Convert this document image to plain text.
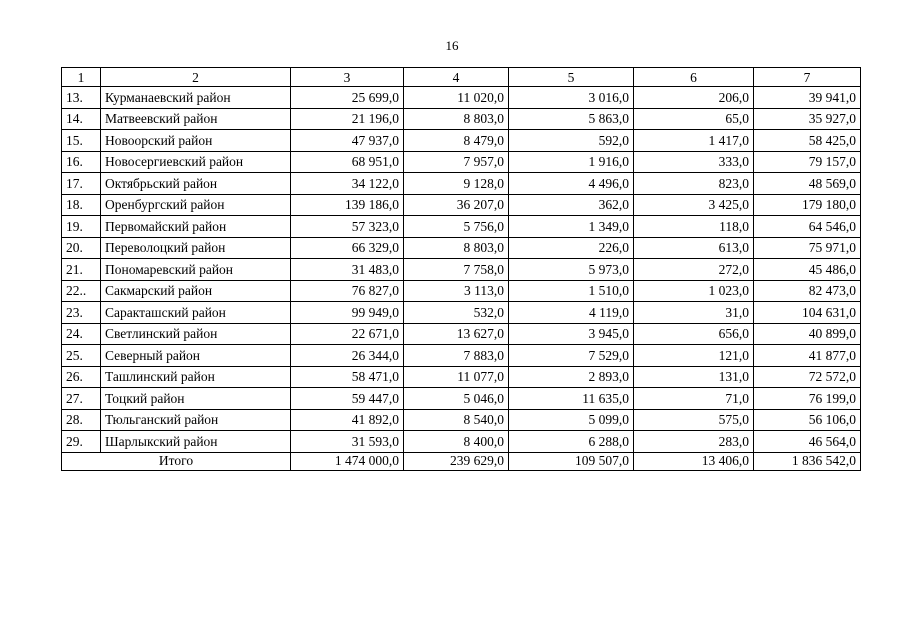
16
1	2	3	4	5	6	7
13.	Курманаевский район	25 699,0	11 020,0	3 016,0	206,0	39 941,0
14.	Матвеевский район	21 196,0	8 803,0	5 863,0	65,0	35 927,0
15.	Новоорский район	47 937,0	8 479,0	592,0	1 417,0	58 425,0
16.	Новосергиевский район	68 951,0	7 957,0	1 916,0	333,0	79 157,0
17.	Октябрьский район	34 122,0	9 128,0	4 496,0	823,0	48 569,0
18.	Оренбургский район	139 186,0	36 207,0	362,0	3 425,0	179 180,0
19.	Первомайский район	57 323,0	5 756,0	1 349,0	118,0	64 546,0
20.	Переволоцкий район	66 329,0	8 803,0	226,0	613,0	75 971,0
21.	Пономаревский район	31 483,0	7 758,0	5 973,0	272,0	45 486,0
22..	Сакмарский район	76 827,0	3 113,0	1 510,0	1 023,0	82 473,0
23.	Саракташский район	99 949,0	532,0	4 119,0	31,0	104 631,0
24.	Светлинский район	22 671,0	13 627,0	3 945,0	656,0	40 899,0
25.	Северный район	26 344,0	7 883,0	7 529,0	121,0	41 877,0
26.	Ташлинский район	58 471,0	11 077,0	2 893,0	131,0	72 572,0
27.	Тоцкий район	59 447,0	5 046,0	11 635,0	71,0	76 199,0
28.	Тюльганский район	41 892,0	8 540,0	5 099,0	575,0	56 106,0
29.	Шарлыкский район	31 593,0	8 400,0	6 288,0	283,0	46 564,0
Итого		1 474 000,0	239 629,0	109 507,0	13 406,0	1 836 542,0
